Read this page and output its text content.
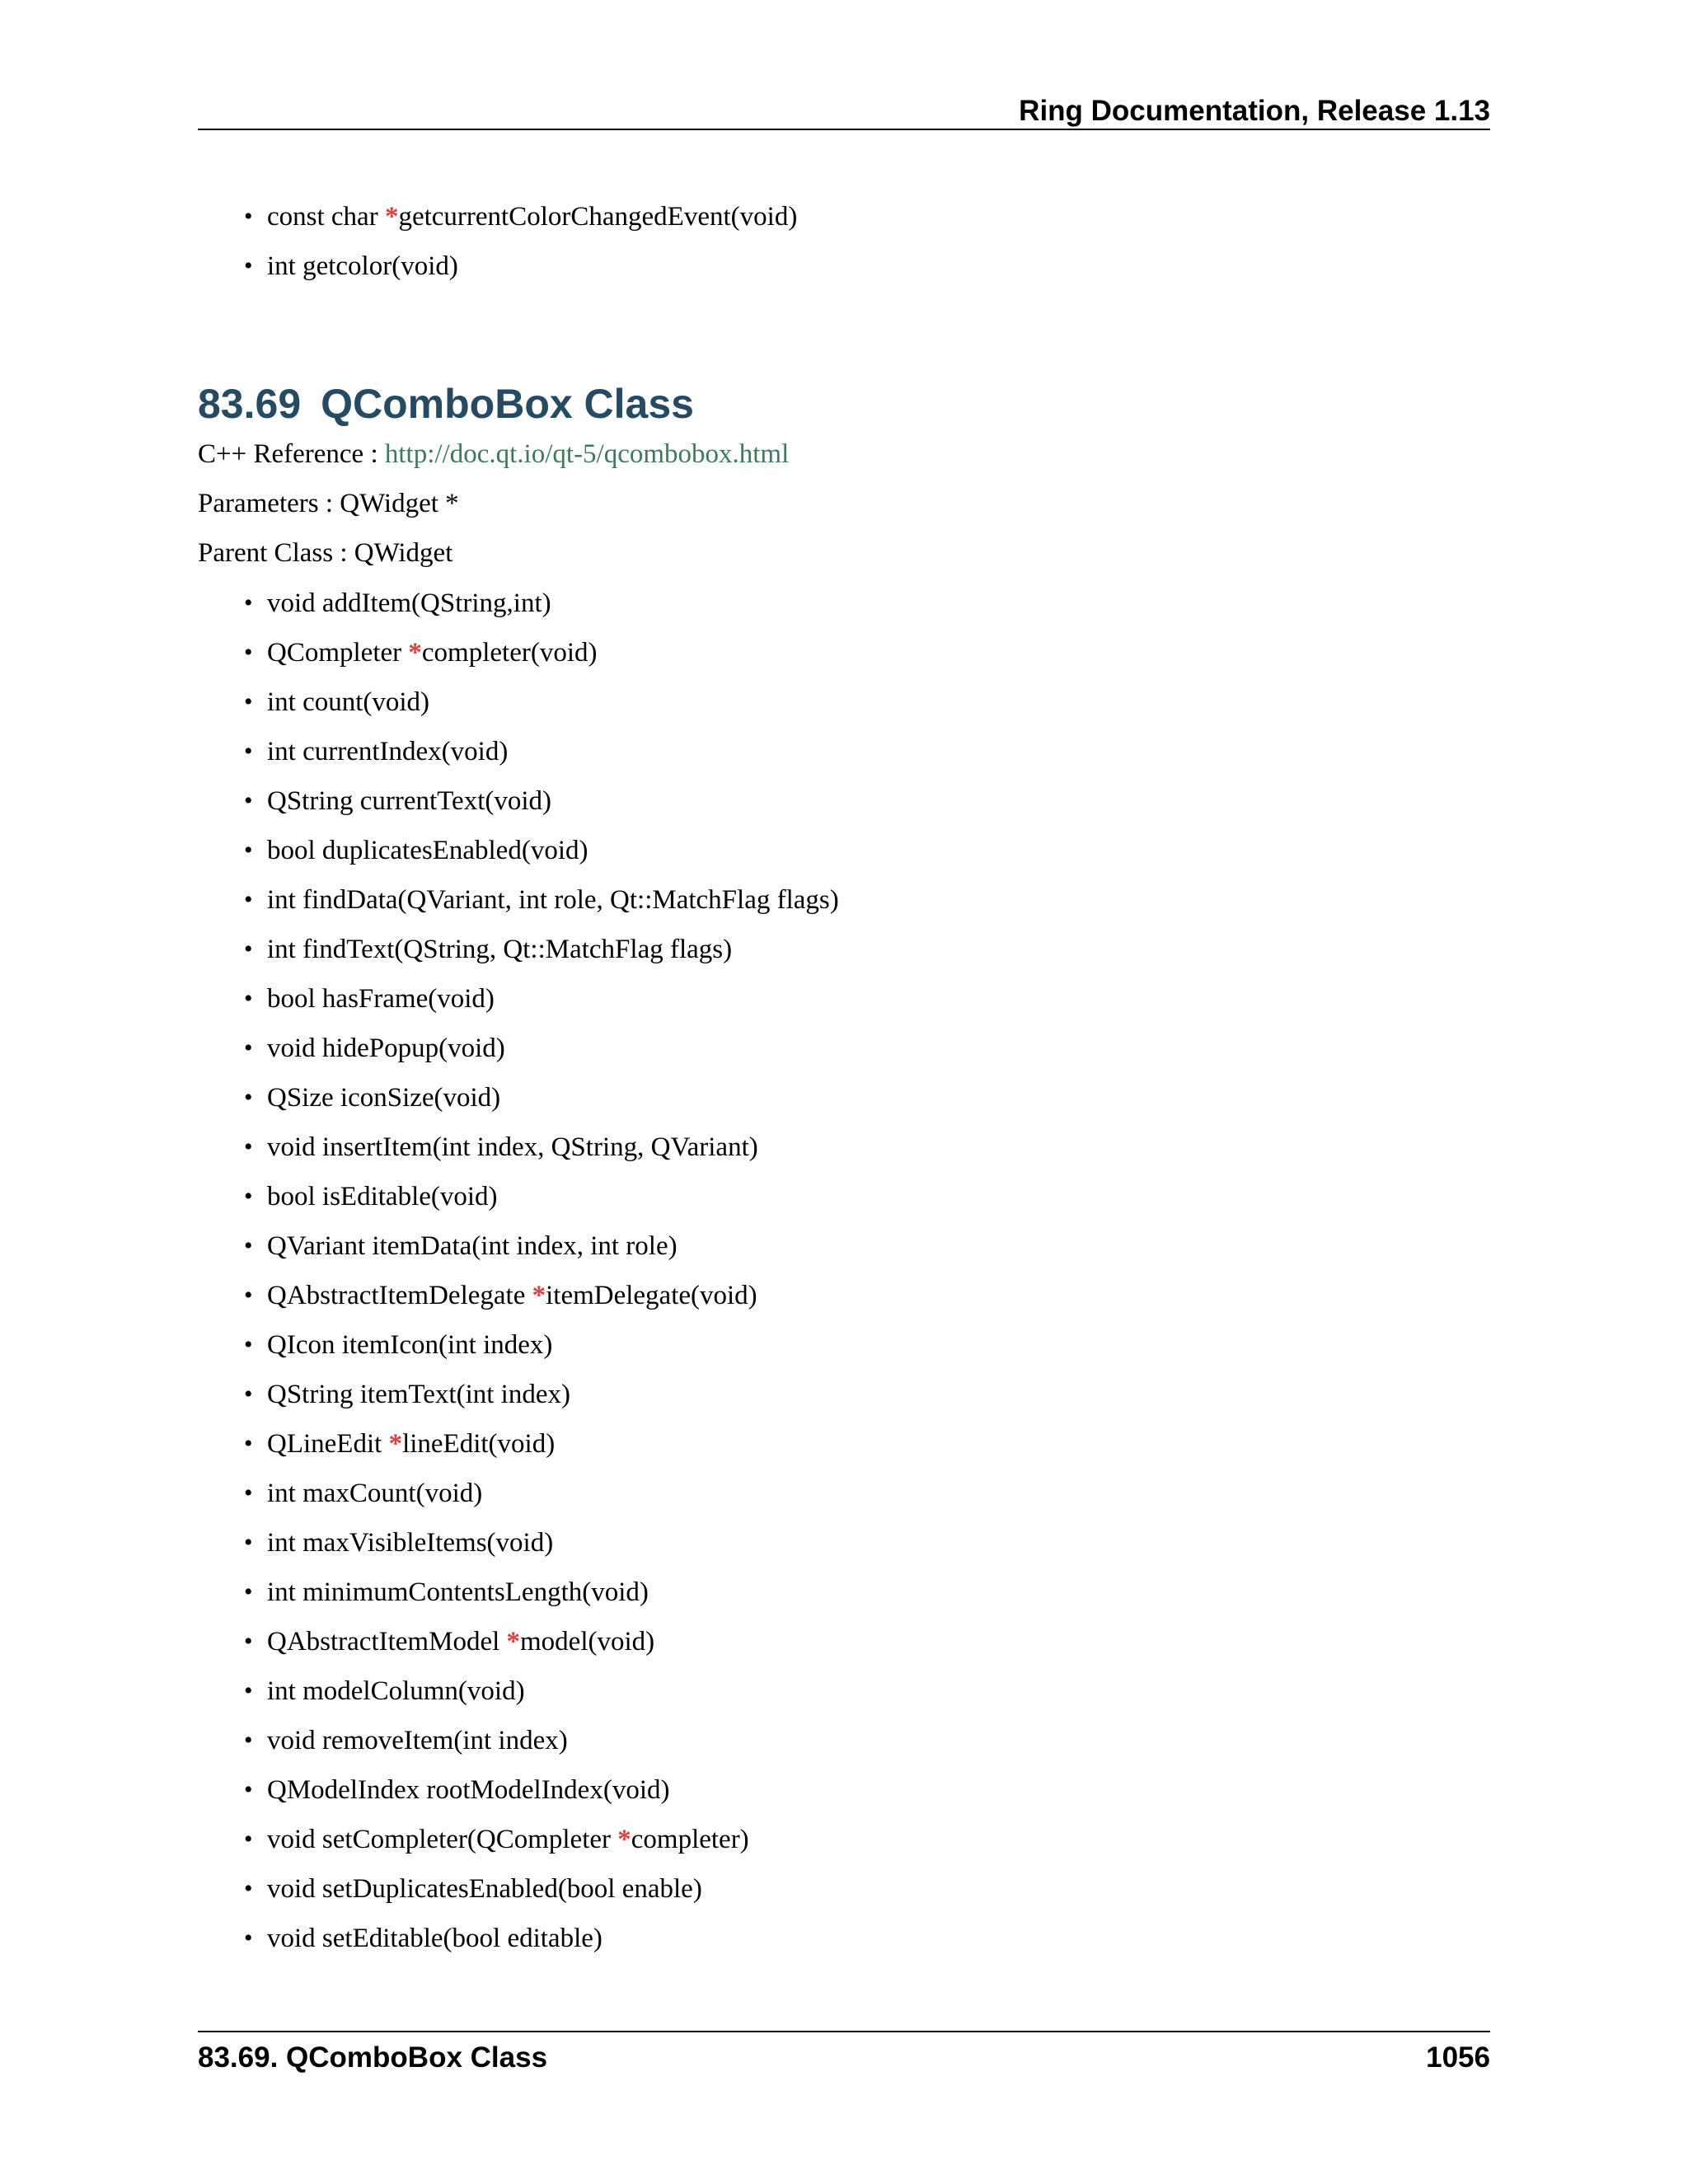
Ring Documentation, Release 1.13
• const char *getcurrentColorChangedEvent(void)
• int getcolor(void)
83.69 QComboBox Class
C++ Reference : http://doc.qt.io/qt-5/qcombobox.html
Parameters : QWidget *
Parent Class : QWidget
• void addItem(QString,int)
• QCompleter *completer(void)
• int count(void)
• int currentIndex(void)
• QString currentText(void)
• bool duplicatesEnabled(void)
• int findData(QVariant, int role, Qt::MatchFlag flags)
• int findText(QString, Qt::MatchFlag flags)
• bool hasFrame(void)
• void hidePopup(void)
• QSize iconSize(void)
• void insertItem(int index, QString, QVariant)
• bool isEditable(void)
• QVariant itemData(int index, int role)
• QAbstractItemDelegate *itemDelegate(void)
• QIcon itemIcon(int index)
• QString itemText(int index)
• QLineEdit *lineEdit(void)
• int maxCount(void)
• int maxVisibleItems(void)
• int minimumContentsLength(void)
• QAbstractItemModel *model(void)
• int modelColumn(void)
• void removeItem(int index)
• QModelIndex rootModelIndex(void)
• void setCompleter(QCompleter *completer)
• void setDuplicatesEnabled(bool enable)
• void setEditable(bool editable)
83.69. QComboBox Class	1056
